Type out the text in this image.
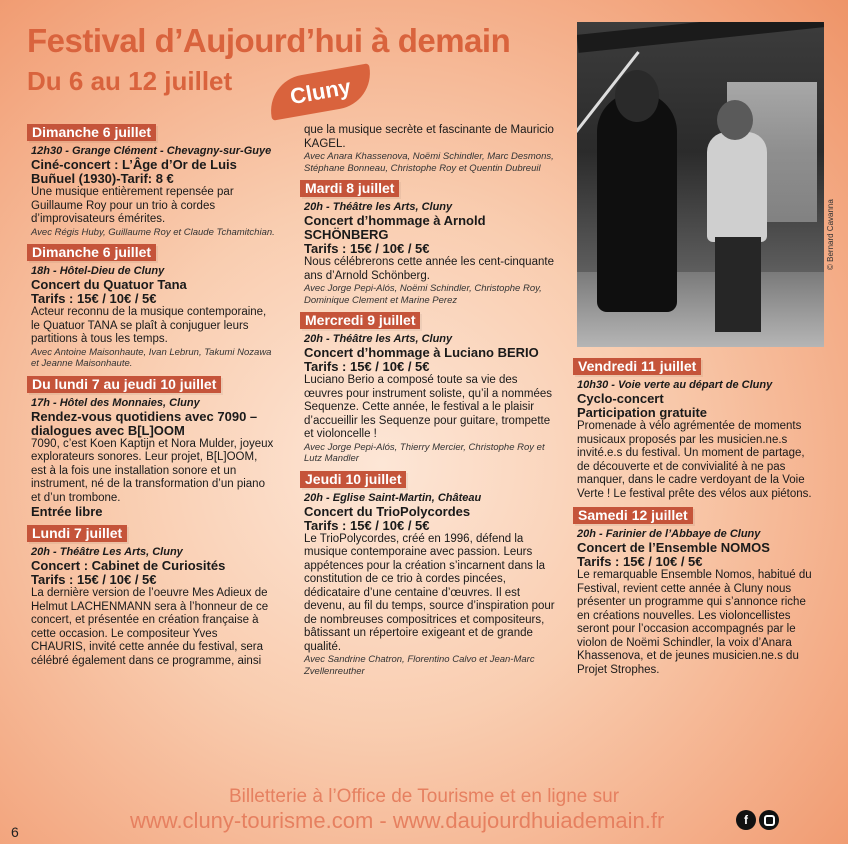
Festival d’Aujourd’hui à demain
Du 6 au 12 juillet	Cluny
© Bernard Cavanna
Dimanche 6 juillet
12h30 - Grange Clément - Chevagny-sur-Guye
Ciné-concert : L’Âge d’Or de Luis Buñuel (1930)-Tarif: 8 €
Une musique entièrement repensée par Guillaume Roy pour un trio à cordes d’improvisateurs émérites.
Avec Régis Huby, Guillaume Roy et Claude Tchamitchian.
Dimanche 6 juillet
18h - Hôtel-Dieu de Cluny
Concert du Quatuor Tana
Tarifs : 15€ / 10€ / 5€
Acteur reconnu de la musique contemporaine, le Quatuor TANA se plaît à conjuguer leurs partitions à tous les temps.
Avec Antoine Maisonhaute, Ivan Lebrun, Takumi Nozawa et Jeanne Maisonhaute.
Du lundi 7 au jeudi 10 juillet
17h - Hôtel des Monnaies, Cluny
Rendez-vous quotidiens avec 7090 – dialogues avec B[L]OOM
7090, c’est Koen Kaptijn et Nora Mulder, joyeux explorateurs sonores. Leur projet, B[L]OOM, est à la fois une installation sonore et un instrument, né de la transformation d’un piano et d’un trombone.
Entrée libre
Lundi 7 juillet
20h - Théâtre Les Arts, Cluny
Concert : Cabinet de Curiosités
Tarifs : 15€ / 10€ / 5€
La dernière version de l’oeuvre Mes Adieux de Helmut LACHENMANN sera à l’honneur de ce concert, et présentée en création française à cette occasion. Le compositeur Yves CHAURIS, invité cette année du festival, sera célébré également dans ce programme, ainsi
que la musique secrète et fascinante de Mauricio KAGEL.
Avec Anara Khassenova, Noëmi Schindler, Marc Desmons, Stéphane Bonneau, Christophe Roy et Quentin Dubreuil
Mardi 8 juillet
20h - Théâtre les Arts, Cluny
Concert d’hommage à Arnold SCHÖNBERG
Tarifs : 15€ / 10€ / 5€
Nous célébrerons cette année les cent-cinquante ans d’Arnold Schönberg.
Avec Jorge Pepi-Alós, Noëmi Schindler, Christophe Roy, Dominique Clement et Marine Perez
Mercredi 9 juillet
20h - Théâtre les Arts, Cluny
Concert d’hommage à Luciano BERIO
Tarifs : 15€ / 10€ / 5€
Luciano Berio a composé toute sa vie des œuvres pour instrument soliste, qu’il a nommées Sequenze. Cette année, le festival a le plaisir d’accueillir les Sequenze pour guitare, trompette et violoncelle !
Avec Jorge Pepi-Alós, Thierry Mercier, Christophe Roy et Lutz Mandler
Jeudi 10 juillet
20h - Eglise Saint-Martin, Château
Concert du TrioPolycordes
Tarifs : 15€ / 10€ / 5€
Le TrioPolycordes, créé en 1996, défend la musique contemporaine avec passion. Leurs appétences pour la création s’incarnent dans la constitution de ce trio à cordes pincées, dédicataire d’une centaine d’œuvres. Il est devenu, au fil du temps, source d’inspiration pour de nombreuses compositrices et compositeurs, bâtissant un répertoire exigeant et de grande qualité.
Avec Sandrine Chatron, Florentino Calvo et Jean-Marc Zvellenreuther
Vendredi 11 juillet
10h30 - Voie verte au départ de Cluny
Cyclo-concert
Participation gratuite
Promenade à vélo agrémentée de moments musicaux proposés par les musicien.ne.s invité.e.s du festival. Un moment de partage, de découverte et de convivialité à ne pas manquer, dans le cadre verdoyant de la Voie Verte ! Le festival prête des vélos aux piétons.
Samedi 12 juillet
20h - Farinier de l’Abbaye de Cluny
Concert de l’Ensemble NOMOS
Tarifs : 15€ / 10€ / 5€
Le remarquable Ensemble Nomos, habitué du Festival, revient cette année à Cluny nous présenter un programme qui s’annonce riche en créations nouvelles. Les violoncellistes seront pour l’occasion accompagnés par le violon de Noëmi Schindler, la voix d’Anara Khassenova, et de jeunes musicien.ne.s du Projet Strophes.
Billetterie à l’Office de Tourisme et en ligne sur
www.cluny-tourisme.com - www.daujourdhuiademain.fr	f
6
